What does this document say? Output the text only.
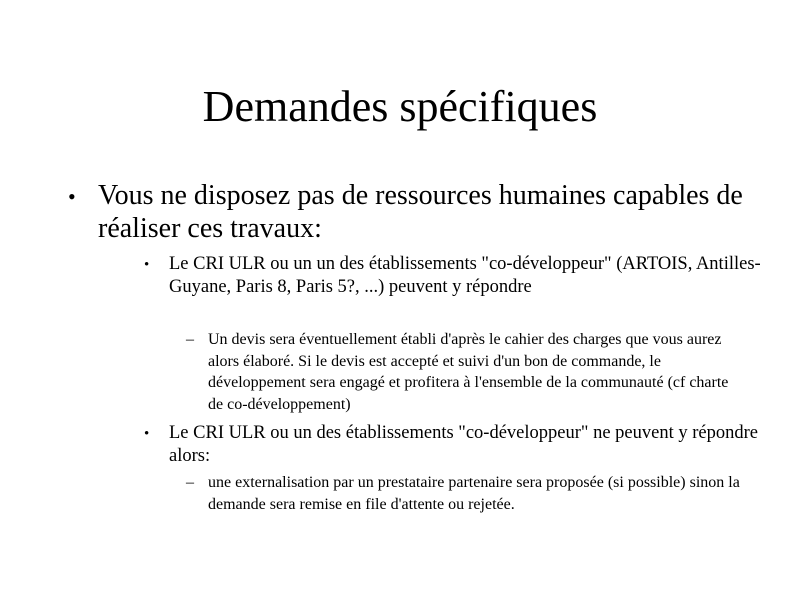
Demandes spécifiques
• Vous ne disposez pas de ressources humaines capables de réaliser ces travaux:
• Le CRI ULR ou un un des établissements "co-développeur" (ARTOIS, Antilles-Guyane, Paris 8, Paris 5?, ...) peuvent y répondre
– Un devis sera éventuellement établi d'après le cahier des charges que vous aurez alors élaboré. Si le devis est accepté et suivi d'un bon de commande, le développement sera engagé et profitera à l'ensemble de la communauté (cf charte de co-développement)
• Le CRI ULR ou un des établissements "co-développeur" ne peuvent y répondre alors:
– une externalisation par un prestataire partenaire sera proposée (si possible) sinon la demande sera remise en file d'attente ou rejetée.
